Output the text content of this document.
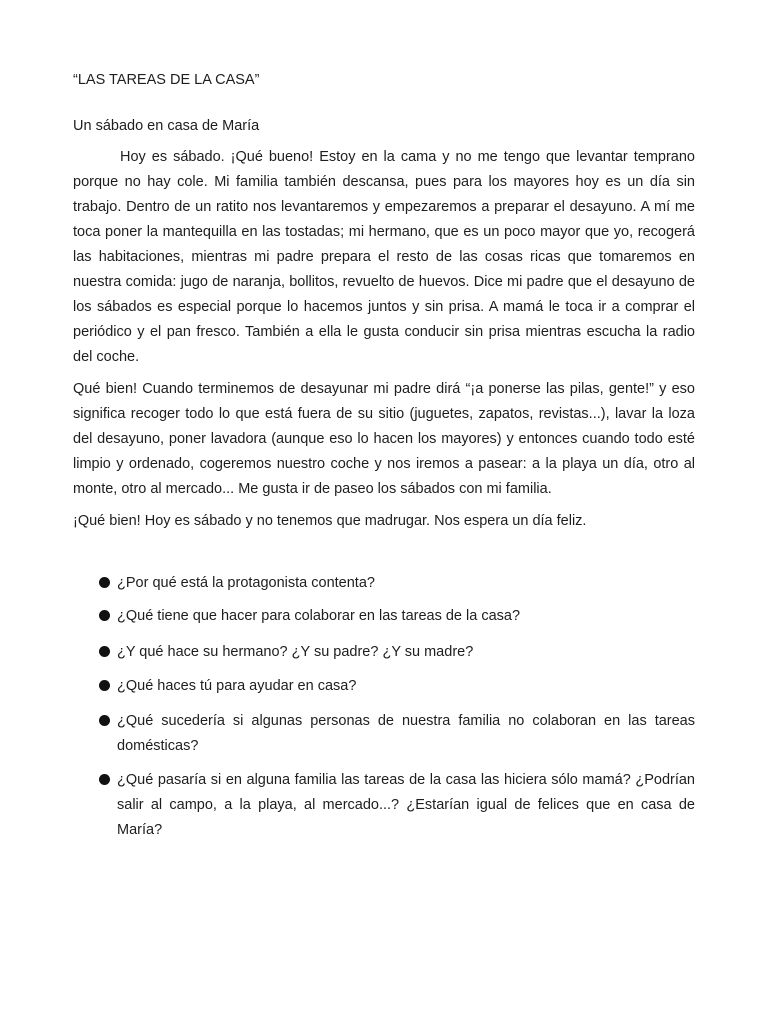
“LAS TAREAS DE LA CASA”

Un sábado en casa de María

Hoy es sábado. ¡Qué bueno! Estoy en la cama y no me tengo que levantar temprano porque no hay cole. Mi familia también descansa, pues para los mayores hoy es un día sin trabajo. Dentro de un ratito nos levantaremos y empezaremos a preparar el desayuno. A mí me toca poner la mantequilla en las tostadas; mi hermano, que es un poco mayor que yo, recogerá las habitaciones, mientras mi padre prepara el resto de las cosas ricas que tomaremos en nuestra comida: jugo de naranja, bollitos, revuelto de huevos. Dice mi padre que el desayuno de los sábados es especial porque lo hacemos juntos y sin prisa. A mamá le toca ir a comprar el periódico y el pan fresco. También a ella le gusta conducir sin prisa mientras escucha la radio del coche.

Qué bien! Cuando terminemos de desayunar mi padre dirá “¡a ponerse las pilas, gente!” y eso significa recoger todo lo que está fuera de su sitio (juguetes, zapatos, revistas...), lavar la loza del desayuno, poner lavadora (aunque eso lo hacen los mayores) y entonces cuando todo esté limpio y ordenado, cogeremos nuestro coche y nos iremos a pasear: a la playa un día, otro al monte, otro al mercado... Me gusta ir de paseo los sábados con mi familia.

¡Qué bien! Hoy es sábado y no tenemos que madrugar. Nos espera un día feliz.

¿Por qué está la protagonista contenta?

¿Qué tiene que hacer para colaborar en las tareas de la casa?

¿Y qué hace su hermano? ¿Y su padre? ¿Y su madre?

¿Qué haces tú para ayudar en casa?

¿Qué sucedería si algunas personas de nuestra familia no colaboran en las tareas domésticas?

¿Qué pasaría si en alguna familia las tareas de la casa las hiciera sólo mamá? ¿Podrían salir al campo, a la playa, al mercado...? ¿Estarían igual de felices que en casa de María?
